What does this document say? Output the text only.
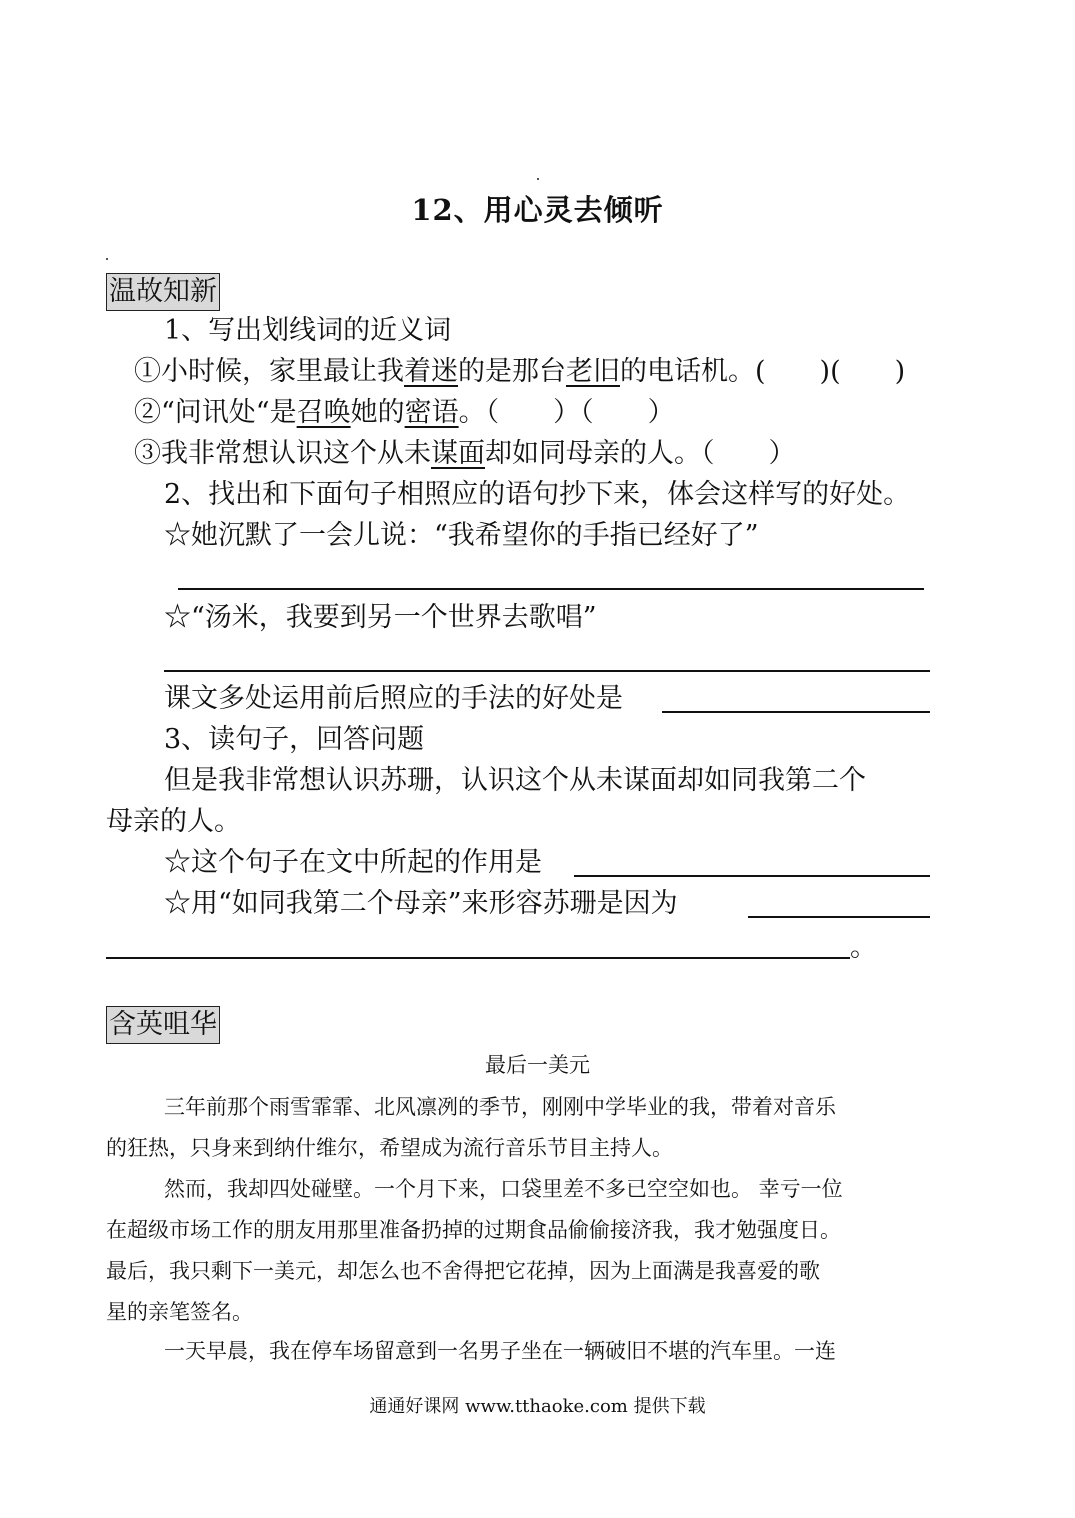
12、用心灵去倾听
温故知新
1、写出划线词的近义词
①小时候，家里最让我着迷的是那台老旧的电话机。(　　)(　　)
②“问讯处“是召唤她的密语。（　　）（　　）
③我非常想认识这个从未谋面却如同母亲的人。（　　）
2、找出和下面句子相照应的语句抄下来，体会这样写的好处。
☆她沉默了一会儿说：“我希望你的手指已经好了”
☆“汤米，我要到另一个世界去歌唱”
课文多处运用前后照应的手法的好处是
3、读句子，回答问题
但是我非常想认识苏珊，认识这个从未谋面却如同我第二个
母亲的人。
☆这个句子在文中所起的作用是
☆用“如同我第二个母亲”来形容苏珊是因为
。
含英咀华
最后一美元
三年前那个雨雪霏霏、北风凛冽的季节，刚刚中学毕业的我，带着对音乐
的狂热，只身来到纳什维尔，希望成为流行音乐节目主持人。
然而，我却四处碰壁。一个月下来，口袋里差不多已空空如也。 幸亏一位
在超级市场工作的朋友用那里准备扔掉的过期食品偷偷接济我，我才勉强度日。
最后，我只剩下一美元，却怎么也不舍得把它花掉，因为上面满是我喜爱的歌
星的亲笔签名。
一天早晨，我在停车场留意到一名男子坐在一辆破旧不堪的汽车里。一连
通通好课网 www.tthaoke.com 提供下载
